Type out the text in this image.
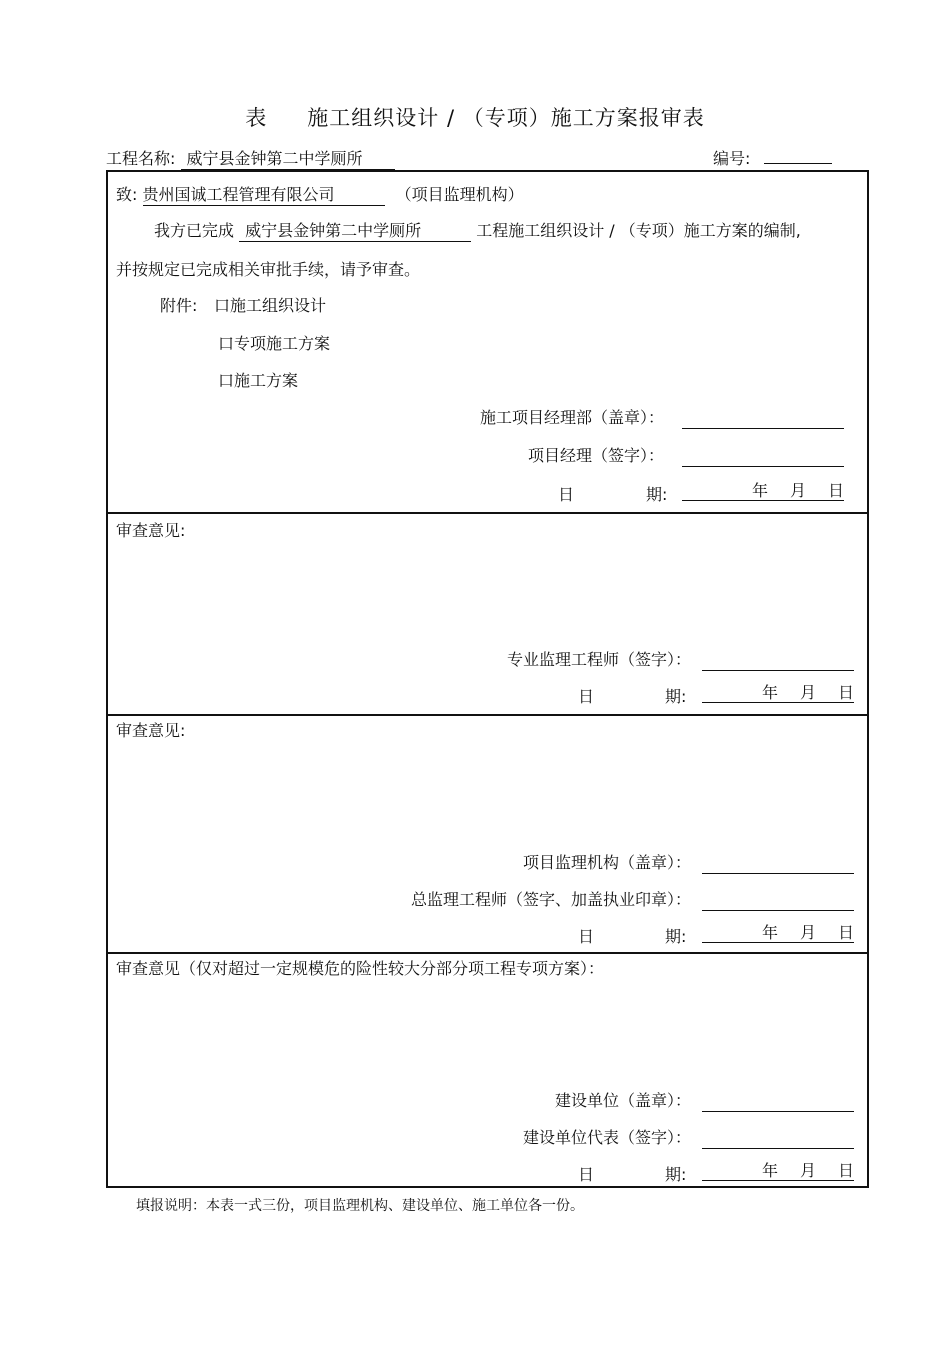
表 施工组织设计 / （专项）施工方案报审表
工程名称: 威宁县金钟第二中学厕所	编号:
致: 贵州国诚工程管理有限公司	（项目监理机构）
我方已完成 威宁县金钟第二中学厕所	工程施工组织设计 / （专项）施工方案的编制,
并按规定已完成相关审批手续，请予审查。
附件: 口施工组织设计
口专项施工方案
口施工方案
施工项目经理部（盖章）：
项目经理（签字）：
日	期:	年 月 日
审查意见:
专业监理工程师（签字）：
日	期:	年 月 日
审查意见:
项目监理机构（盖章）：
总监理工程师（签字、加盖执业印章）：
日	期:	年 月 日
审查意见（仅对超过一定规模危的险性较大分部分项工程专项方案）：
建设单位（盖章）：
建设单位代表（签字）：
日	期:	年 月 日
填报说明：本表一式三份，项目监理机构、建设单位、施工单位各一份。
